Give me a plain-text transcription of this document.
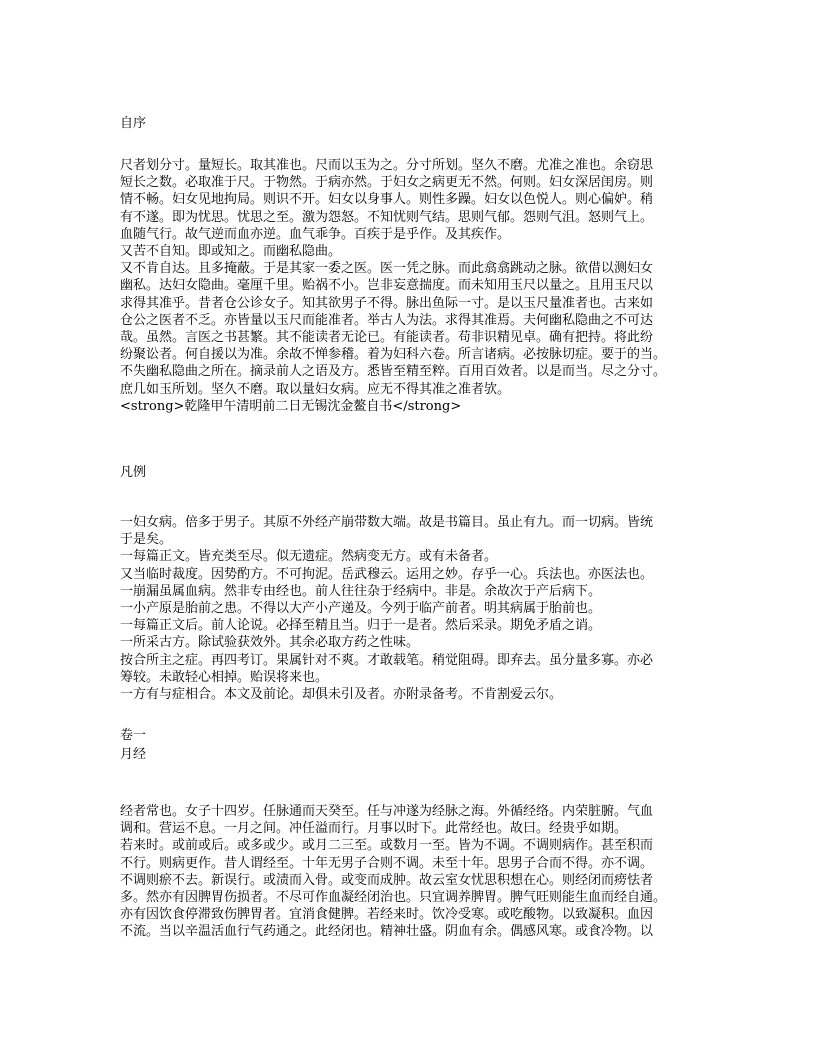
自序
尺者划分寸。量短长。取其准也。尺而以玉为之。分寸所划。坚久不磨。尤准之准也。余窃思
短长之数。必取准于尺。于物然。于病亦然。于妇女之病更无不然。何则。妇女深居闺房。则
情不畅。妇女见地拘局。则识不开。妇女以身事人。则性多躁。妇女以色悦人。则心偏妒。稍
有不遂。即为忧思。忧思之至。激为怨怒。不知忧则气结。思则气郁。怨则气沮。怒则气上。
血随气行。故气逆而血亦逆。血气乖争。百疾于是乎作。及其疾作。
又苦不自知。即或知之。而幽私隐曲。
又不肯自达。且多掩蔽。于是其家一委之医。医一凭之脉。而此翕翕跳动之脉。欲借以测妇女
幽私。达妇女隐曲。毫厘千里。贻祸不小。岂非妄意揣度。而未知用玉尺以量之。且用玉尺以
求得其准乎。昔者仓公诊女子。知其欲男子不得。脉出鱼际一寸。是以玉尺量准者也。古来如
仓公之医者不乏。亦皆量以玉尺而能准者。举古人为法。求得其准焉。夫何幽私隐曲之不可达
哉。虽然。言医之书甚繁。其不能读者无论已。有能读者。苟非识精见卓。确有把持。将此纷
纷聚讼者。何自援以为准。余故不惮参稽。着为妇科六卷。所言诸病。必按脉切症。要于的当。
不失幽私隐曲之所在。摘录前人之语及方。悉皆至精至粹。百用百效者。以是而当。尽之分寸。
庶几如玉所划。坚久不磨。取以量妇女病。应无不得其准之准者欤。
<strong>乾隆甲午清明前二日无锡沈金鳌自书</strong>
凡例
一妇女病。倍多于男子。其原不外经产崩带数大端。故是书篇目。虽止有九。而一切病。皆统
于是矣。
一每篇正文。皆充类至尽。似无遗症。然病变无方。或有未备者。
又当临时裁度。因势酌方。不可拘泥。岳武穆云。运用之妙。存乎一心。兵法也。亦医法也。
一崩漏虽属血病。然非专由经也。前人往往杂于经病中。非是。余故次于产后病下。
一小产原是胎前之患。不得以大产小产递及。今列于临产前者。明其病属于胎前也。
一每篇正文后。前人论说。必择至精且当。归于一是者。然后采录。期免矛盾之诮。
一所采古方。除试验获效外。其余必取方药之性味。
按合所主之症。再四考订。果属针对不爽。才敢载笔。稍觉阻碍。即弃去。虽分量多寡。亦必
筹较。未敢轻心相掉。贻误将来也。
一方有与症相合。本文及前论。却俱未引及者。亦附录备考。不肯割爱云尔。
卷一
月经
经者常也。女子十四岁。任脉通而天癸至。任与冲遂为经脉之海。外循经络。内荣脏腑。气血
调和。营运不息。一月之间。冲任溢而行。月事以时下。此常经也。故曰。经贵乎如期。
若来时。或前或后。或多或少。或月二三至。或数月一至。皆为不调。不调则病作。甚至积而
不行。则病更作。昔人谓经至。十年无男子合则不调。未至十年。思男子合而不得。亦不调。
不调则瘀不去。新误行。或渍而入骨。或变而成肿。故云室女忧思积想在心。则经闭而痨怯者
多。然亦有因脾胃伤损者。不尽可作血凝经闭治也。只宜调养脾胃。脾气旺则能生血而经自通。
亦有因饮食停滞致伤脾胃者。宜消食健脾。若经来时。饮冷受寒。或吃酸物。以致凝积。血因
不流。当以辛温活血行气药通之。此经闭也。精神壮盛。阴血有余。偶感风寒。或食冷物。以
